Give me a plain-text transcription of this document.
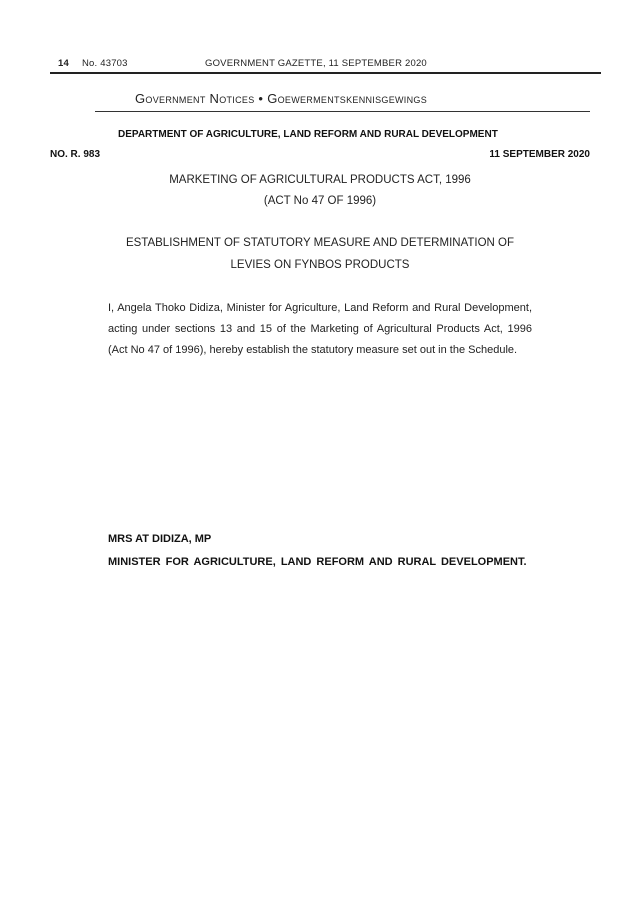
14 No. 43703	GOVERNMENT GAZETTE, 11 SEPTEMBER 2020
Government Notices • Goewermentskennisgewings
DEPARTMENT OF AGRICULTURE, LAND REFORM AND RURAL DEVELOPMENT
NO. R. 983	11 SEPTEMBER 2020
MARKETING OF AGRICULTURAL PRODUCTS ACT, 1996
(ACT No 47 OF 1996)
ESTABLISHMENT OF STATUTORY MEASURE AND DETERMINATION OF
LEVIES ON FYNBOS PRODUCTS
I, Angela Thoko Didiza, Minister for Agriculture, Land Reform and Rural Development, acting under sections 13 and 15 of the Marketing of Agricultural Products Act, 1996 (Act No 47 of 1996), hereby establish the statutory measure set out in the Schedule.
MRS AT DIDIZA, MP
MINISTER FOR AGRICULTURE, LAND REFORM AND RURAL DEVELOPMENT.
